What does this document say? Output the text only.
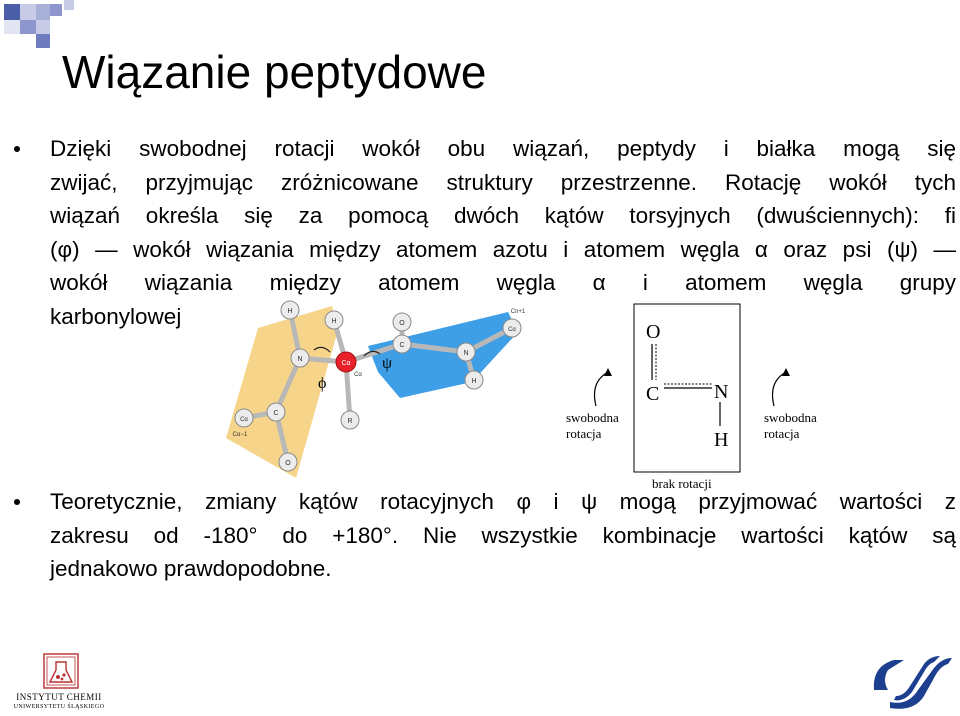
Wiązanie peptydowe
Dzięki swobodnej rotacji wokół obu wiązań, peptydy i białka mogą się
zwijać, przyjmując zróżnicowane struktury przestrzenne. Rotację wokół tych
wiązań określa się za pomocą dwóch kątów torsyjnych (dwuściennych): fi
(φ) — wokół wiązania między atomem azotu i atomem węgla α oraz psi (ψ) —
wokół wiązania między atomem węgla α i atomem węgla grupy
karbonylowej	H
H
N
C
Cα
Cα−1
O
R
O
C
N
H
Cα
Cn+1
Cα
Cα
ϕ
ψ
O
C	N
H
swobodna
rotacja
swobodna
rotacja
brak rotacji
Teoretycznie, zmiany kątów rotacyjnych φ i ψ mogą przyjmować wartości z
zakresu od -180° do +180°. Nie wszystkie kombinacje wartości kątów są
jednakowo prawdopodobne.
INSTYTUT CHEMII
UNIWERSYTETU ŚLĄSKIEGO
